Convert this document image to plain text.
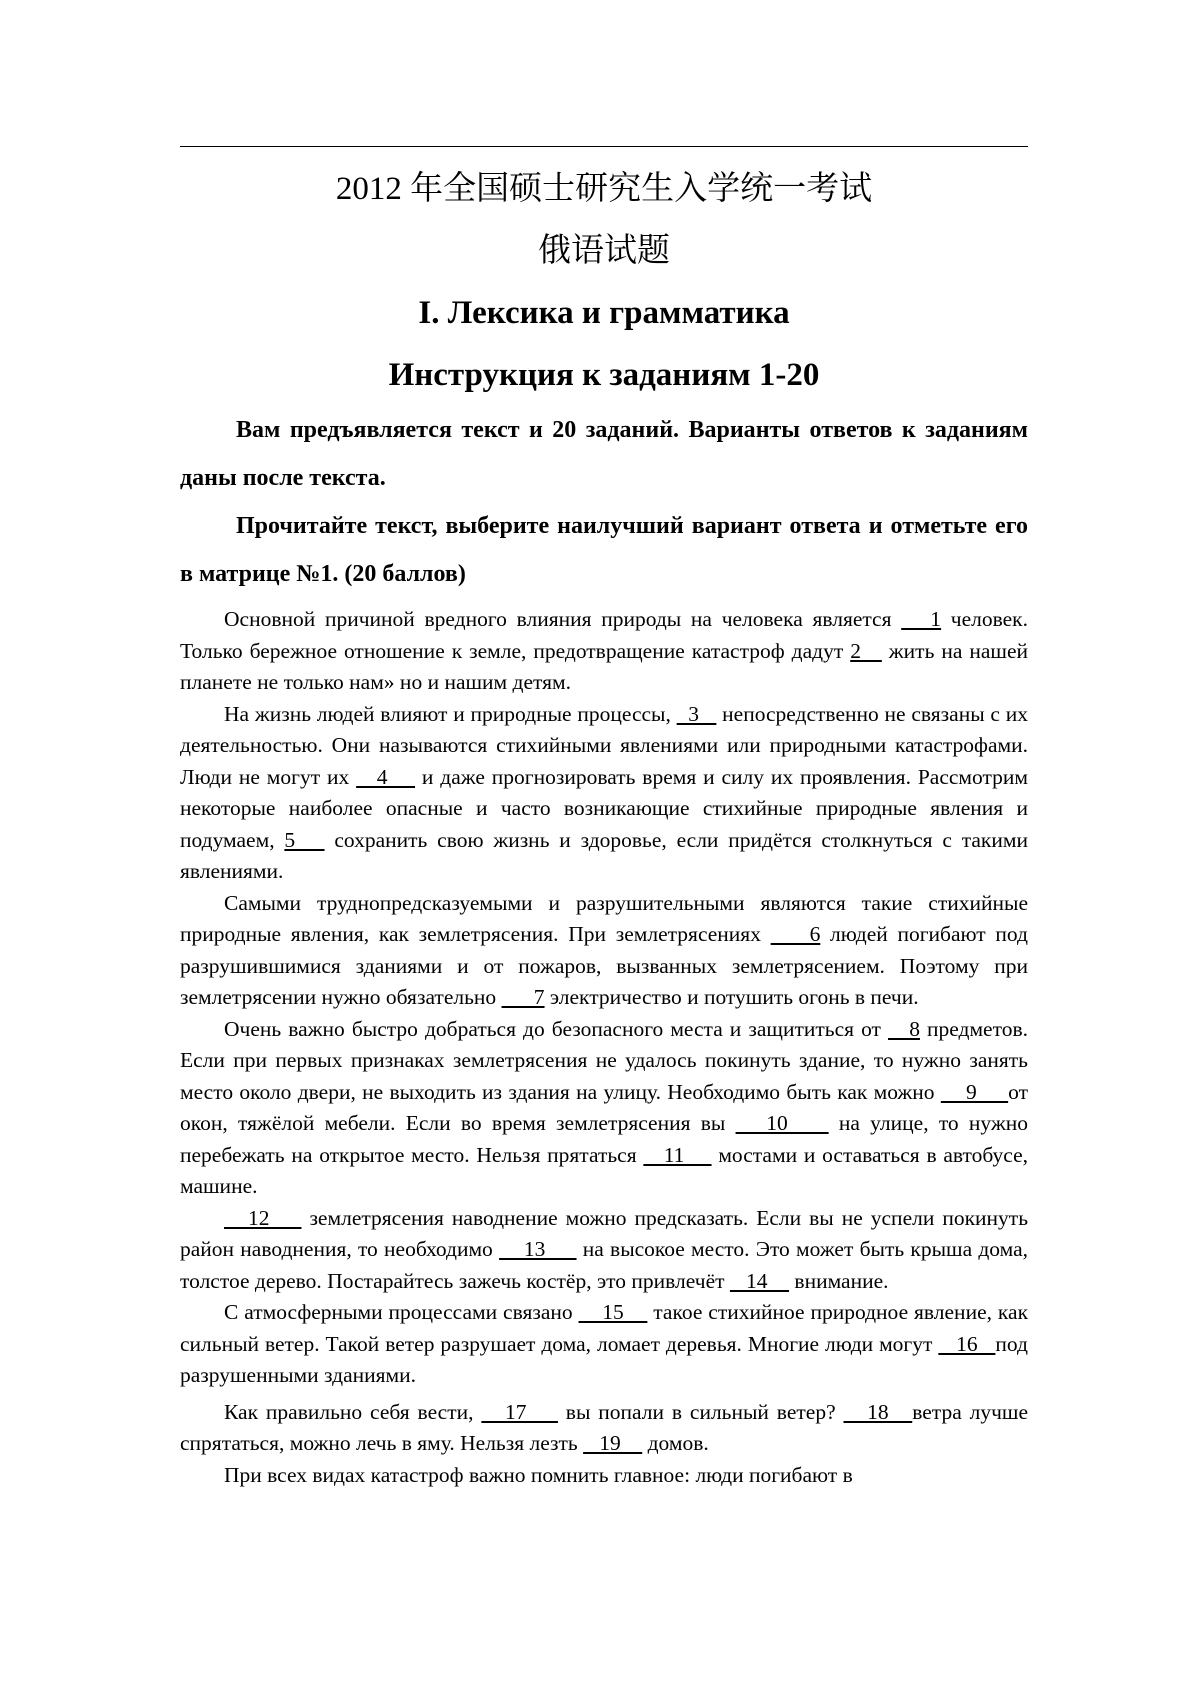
2012 年全国硕士研究生入学统一考试
俄语试题
I. Лексика и грамматика
Инструкция к заданиям 1-20

Вам предъявляется текст и 20 заданий. Варианты ответов к заданиям даны после текста.

Прочитайте текст, выберите наилучший вариант ответа и отметьте его в матрице №1. (20 баллов)

Основной причиной вредного влияния природы на человека является    1 человек. Только бережное отношение к земле, предотвращение катастроф дадут 2    жить на нашей планете не только нам» но и нашим детям.

На жизнь людей влияют и природные процессы,   3    непосредственно не связаны с их деятельностью. Они называются стихийными явлениями или природными катастрофами. Люди не могут их    4     и даже прогнозировать время и силу их проявления. Рассмотрим некоторые наиболее опасные и часто возникающие стихийные природные явления и подумаем, 5    сохранить свою жизнь и здоровье, если придётся столкнуться с такими явлениями.

Самыми труднопредсказуемыми и разрушительными являются такие стихийные природные явления, как землетрясения. При землетрясениях     6 людей погибают под разрушившимися зданиями и от пожаров, вызванных землетрясением. Поэтому при землетрясении нужно обязательно       7 электричество и потушить огонь в печи.

Очень важно быстро добраться до безопасного места и защититься от    8 предметов. Если при первых признаках землетрясения не удалось покинуть здание, то нужно занять место около двери, не выходить из здания на улицу. Необходимо быть как можно     9     от окон, тяжёлой мебели. Если во время землетрясения вы    10     на улице, то нужно перебежать на открытое место. Нельзя прятаться    11     мостами и оставаться в автобусе, машине.

12     землетрясения наводнение можно предсказать. Если вы не успели покинуть район наводнения, то необходимо     13      на высокое место. Это может быть крыша дома, толстое дерево. Постарайтесь зажечь костёр, это привлечёт    14     внимание.

С атмосферными процессами связано     15     такое стихийное природное явление, как сильный ветер. Такой ветер разрушает дома, ломает деревья. Многие люди могут    16   под разрушенными зданиями.

Как правильно себя вести,    17     вы попали в сильный ветер?    18   ветра лучше спрятаться, можно лечь в яму. Нельзя лезть    19     домов.

При всех видах катастроф важно помнить главное: люди погибают в
